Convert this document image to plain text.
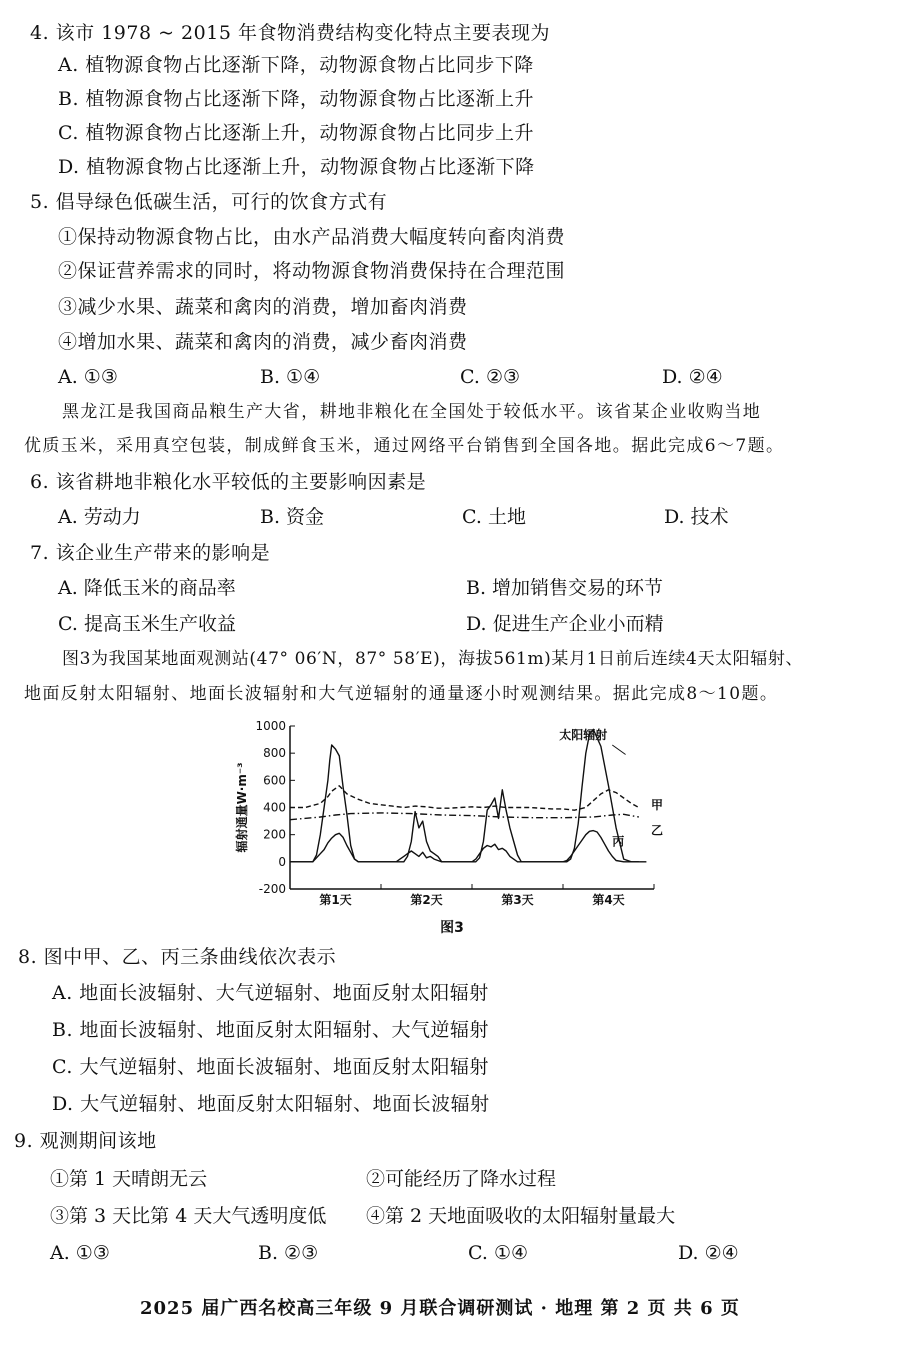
4. 该市 1978 ~ 2015 年食物消费结构变化特点主要表现为
A. 植物源食物占比逐渐下降，动物源食物占比同步下降
B. 植物源食物占比逐渐下降，动物源食物占比逐渐上升
C. 植物源食物占比逐渐上升，动物源食物占比同步上升
D. 植物源食物占比逐渐上升，动物源食物占比逐渐下降
5. 倡导绿色低碳生活，可行的饮食方式有
①保持动物源食物占比，由水产品消费大幅度转向畜肉消费
②保证营养需求的同时，将动物源食物消费保持在合理范围
③减少水果、蔬菜和禽肉的消费，增加畜肉消费
④增加水果、蔬菜和禽肉的消费，减少畜肉消费
A. ①③	B. ①④	C. ②③	D. ②④
黑龙江是我国商品粮生产大省，耕地非粮化在全国处于较低水平。该省某企业收购当地
优质玉米，采用真空包装，制成鲜食玉米，通过网络平台销售到全国各地。据此完成6～7题。
6. 该省耕地非粮化水平较低的主要影响因素是
A. 劳动力	B. 资金	C. 土地	D. 技术
7. 该企业生产带来的影响是
A. 降低玉米的商品率	B. 增加销售交易的环节
C. 提高玉米生产收益	D. 促进生产企业小而精
图3为我国某地面观测站(47° 06′N，87° 58′E)，海拔561m)某月1日前后连续4天太阳辐射、
地面反射太阳辐射、地面长波辐射和大气逆辐射的通量逐小时观测结果。据此完成8～10题。
1000
800
600
400
200
0
-200
辐射通量W·m⁻³
第1天	第2天	第3天	第4天
太阳辐射
甲
乙
丙
图3
8. 图中甲、乙、丙三条曲线依次表示
A. 地面长波辐射、大气逆辐射、地面反射太阳辐射
B. 地面长波辐射、地面反射太阳辐射、大气逆辐射
C. 大气逆辐射、地面长波辐射、地面反射太阳辐射
D. 大气逆辐射、地面反射太阳辐射、地面长波辐射
9. 观测期间该地
①第 1 天晴朗无云	②可能经历了降水过程
③第 3 天比第 4 天大气透明度低 ④第 2 天地面吸收的太阳辐射量最大
A. ①③	B. ②③	C. ①④	D. ②④
2025 届广西名校高三年级 9 月联合调研测试 · 地理 第 2 页 共 6 页
